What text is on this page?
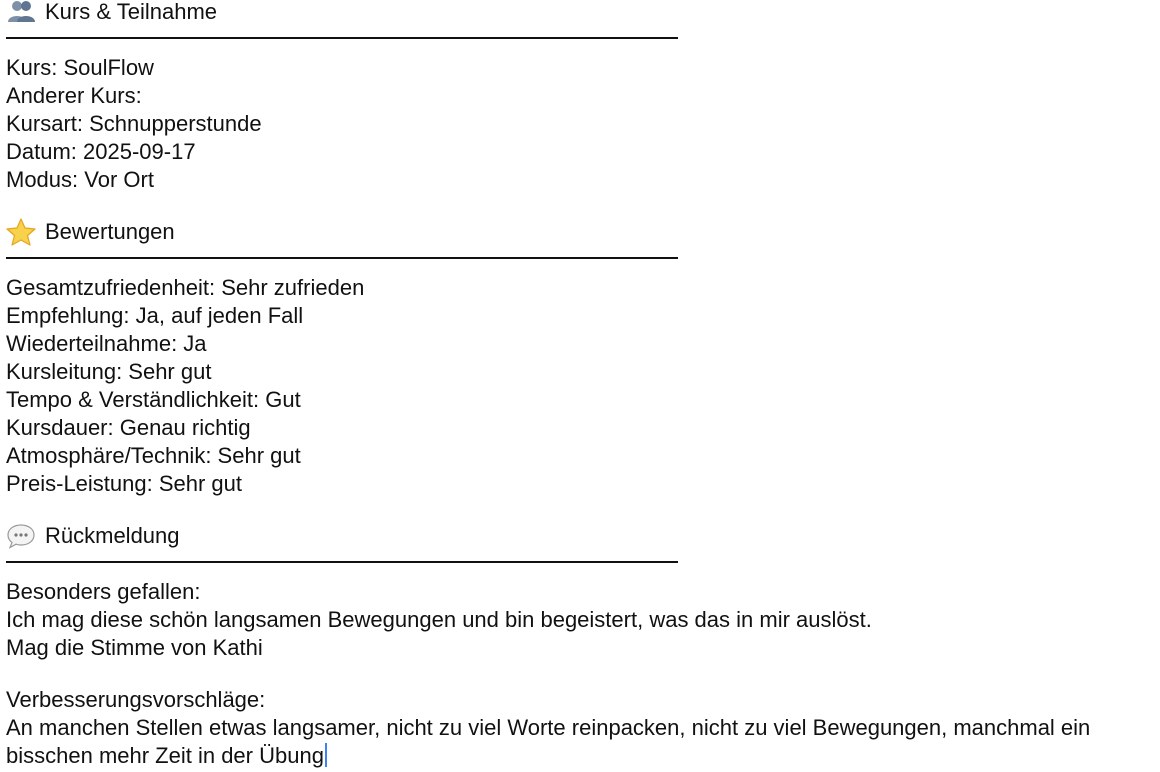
Kurs & Teilnahme
Kurs: SoulFlow
Anderer Kurs:
Kursart: Schnupperstunde
Datum: 2025-09-17
Modus: Vor Ort
Bewertungen
Gesamtzufriedenheit: Sehr zufrieden
Empfehlung: Ja, auf jeden Fall
Wiederteilnahme: Ja
Kursleitung: Sehr gut
Tempo & Verständlichkeit: Gut
Kursdauer: Genau richtig
Atmosphäre/Technik: Sehr gut
Preis-Leistung: Sehr gut
Rückmeldung
Besonders gefallen:
Ich mag diese schön langsamen Bewegungen und bin begeistert, was das in mir auslöst.
Mag die Stimme von Kathi
Verbesserungsvorschläge:
An manchen Stellen etwas langsamer, nicht zu viel Worte reinpacken, nicht zu viel Bewegungen, manchmal ein bisschen mehr Zeit in der Übung
